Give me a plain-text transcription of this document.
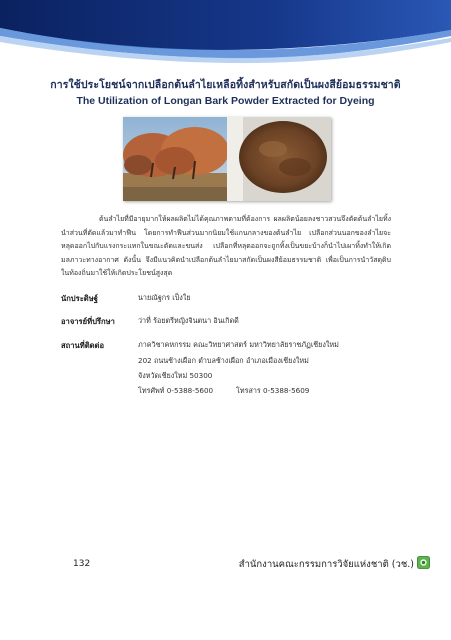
การใช้ประโยชน์จากเปลือกต้นลำไยเหลือทิ้งสำหรับสกัดเป็นผงสีย้อมธรรมชาติ
The Utilization of Longan Bark Powder Extracted for Dyeing

ต้นลำไยที่มีอายุมากให้ผลผลิตไม่ได้คุณภาพตามที่ต้องการ ผลผลิตน้อยลงชาวสวนจึงตัดต้นลำไยทิ้ง นำส่วนที่ตัดแล้วมาทำฟืน โดยการทำฟืนส่วนมากนิยมใช้แกนกลางของต้นลำไย เปลือกส่วนนอกของลำไยจะหลุดออกไปกับแรงกระแทกในขณะตัดและขนส่ง เปลือกที่หลุดออกจะถูกทิ้งเป็นขยะบ้างก็นำไปเผาทิ้งทำให้เกิดมลภาวะทางอากาศ ดังนั้น จึงมีแนวคิดนำเปลือกต้นลำไยมาสกัดเป็นผงสีย้อมธรรมชาติ เพื่อเป็นการนำวัสดุดิบในท้องถิ่นมาใช้ให้เกิดประโยชน์สูงสุด

นักประดิษฐ์	นายณัฐกร เป็งใย
อาจารย์ที่ปรึกษา	ว่าที่ ร้อยตรีหญิงจินตนา อินเกิดดี
สถานที่ติดต่อ	ภาควิชาคหกรรม คณะวิทยาศาสตร์ มหาวิทยาลัยราชภัฏเชียงใหม่
202 ถนนช้างเผือก ตำบลช้างเผือก อำเภอเมืองเชียงใหม่
จังหวัดเชียงใหม่ 50300
โทรศัพท์ 0-5388-5600	โทรสาร 0-5388-5609
132	สำนักงานคณะกรรมการวิจัยแห่งชาติ (วช.)
